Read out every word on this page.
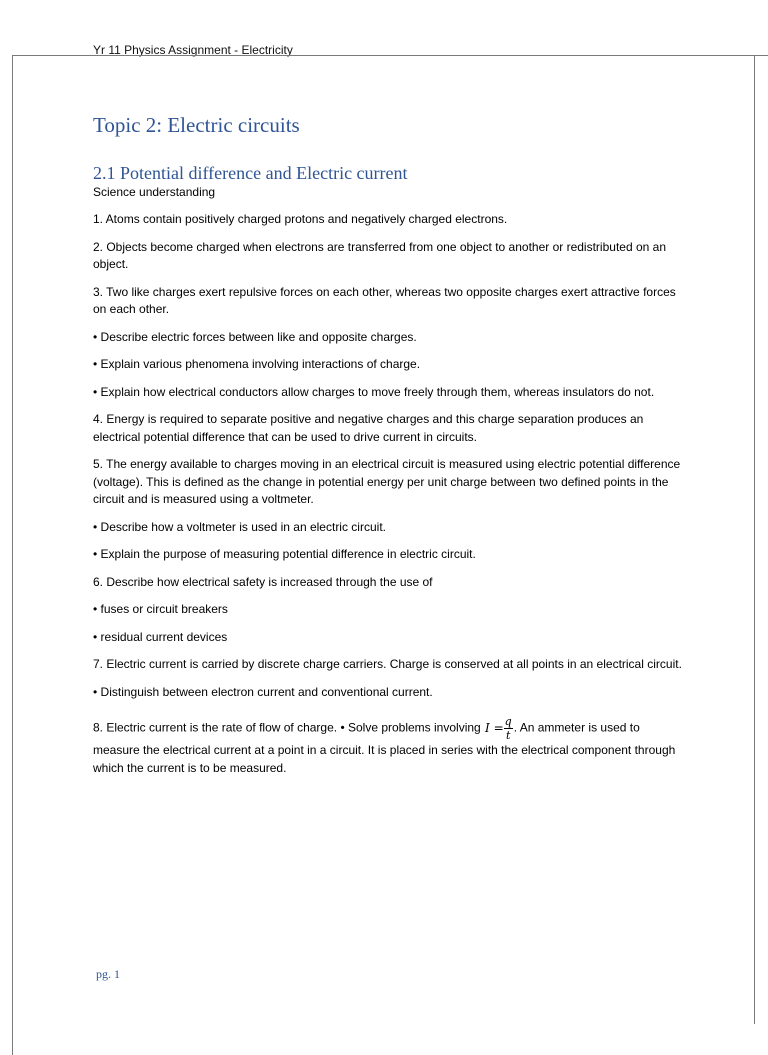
Yr 11 Physics Assignment - Electricity
Topic 2: Electric circuits
2.1 Potential difference and Electric current
Science understanding

1. Atoms contain positively charged protons and negatively charged electrons.

2. Objects become charged when electrons are transferred from one object to another or redistributed on an object.

3. Two like charges exert repulsive forces on each other, whereas two opposite charges exert attractive forces on each other.

• Describe electric forces between like and opposite charges.

• Explain various phenomena involving interactions of charge.

• Explain how electrical conductors allow charges to move freely through them, whereas insulators do not.

4. Energy is required to separate positive and negative charges and this charge separation produces an electrical potential difference that can be used to drive current in circuits.

5. The energy available to charges moving in an electrical circuit is measured using electric potential difference (voltage). This is defined as the change in potential energy per unit charge between two defined points in the circuit and is measured using a voltmeter.

• Describe how a voltmeter is used in an electric circuit.

• Explain the purpose of measuring potential difference in electric circuit.

6. Describe how electrical safety is increased through the use of

• fuses or circuit breakers

• residual current devices

7. Electric current is carried by discrete charge carriers. Charge is conserved at all points in an electrical circuit.

• Distinguish between electron current and conventional current.

8. Electric current is the rate of flow of charge. • Solve problems involving $I = \frac{q}{t}$ . An ammeter is used to measure the electrical current at a point in a circuit. It is placed in series with the electrical component through which the current is to be measured.

pg. 1
